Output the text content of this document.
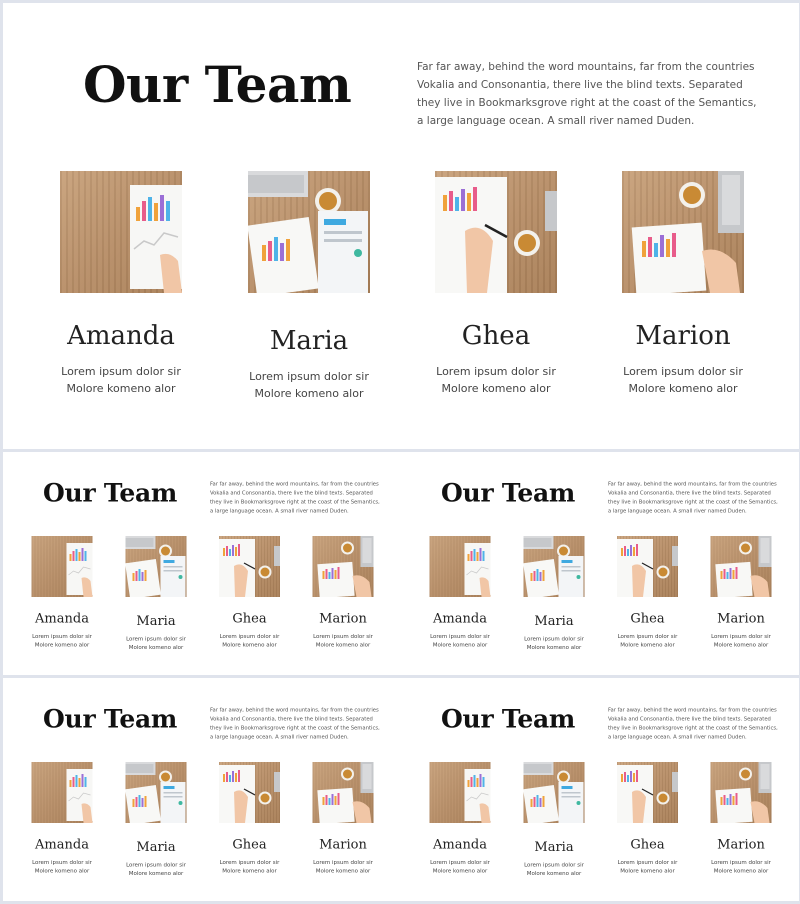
Our Team	Far far away, behind the word mountains, far from the countries Vokalia and Consonantia, there live the blind texts. Separated they live in Bookmarksgrove right at the coast of the Semantics, a large language ocean. A small river named Duden.
Amanda
Lorem ipsum dolor sir
Molore komeno alor
Maria
Lorem ipsum dolor sir
Molore komeno alor
Ghea
Lorem ipsum dolor sir
Molore komeno alor
Marion
Lorem ipsum dolor sir
Molore komeno alor
Our Team	Far far away, behind the word mountains, far from the countries Vokalia and Consonantia, there live the blind texts. Separated they live in Bookmarksgrove right at the coast of the Semantics, a large language ocean. A small river named Duden.
Amanda
Lorem ipsum dolor sir
Molore komeno alor
Maria
Lorem ipsum dolor sir
Molore komeno alor
Ghea
Lorem ipsum dolor sir
Molore komeno alor
Marion
Lorem ipsum dolor sir
Molore komeno alor
Our Team	Far far away, behind the word mountains, far from the countries Vokalia and Consonantia, there live the blind texts. Separated they live in Bookmarksgrove right at the coast of the Semantics, a large language ocean. A small river named Duden.
Amanda
Lorem ipsum dolor sir
Molore komeno alor
Maria
Lorem ipsum dolor sir
Molore komeno alor
Ghea
Lorem ipsum dolor sir
Molore komeno alor
Marion
Lorem ipsum dolor sir
Molore komeno alor
Our Team	Far far away, behind the word mountains, far from the countries Vokalia and Consonantia, there live the blind texts. Separated they live in Bookmarksgrove right at the coast of the Semantics, a large language ocean. A small river named Duden.
Amanda
Lorem ipsum dolor sir
Molore komeno alor
Maria
Lorem ipsum dolor sir
Molore komeno alor
Ghea
Lorem ipsum dolor sir
Molore komeno alor
Marion
Lorem ipsum dolor sir
Molore komeno alor
Our Team	Far far away, behind the word mountains, far from the countries Vokalia and Consonantia, there live the blind texts. Separated they live in Bookmarksgrove right at the coast of the Semantics, a large language ocean. A small river named Duden.
Amanda
Lorem ipsum dolor sir
Molore komeno alor
Maria
Lorem ipsum dolor sir
Molore komeno alor
Ghea
Lorem ipsum dolor sir
Molore komeno alor
Marion
Lorem ipsum dolor sir
Molore komeno alor
